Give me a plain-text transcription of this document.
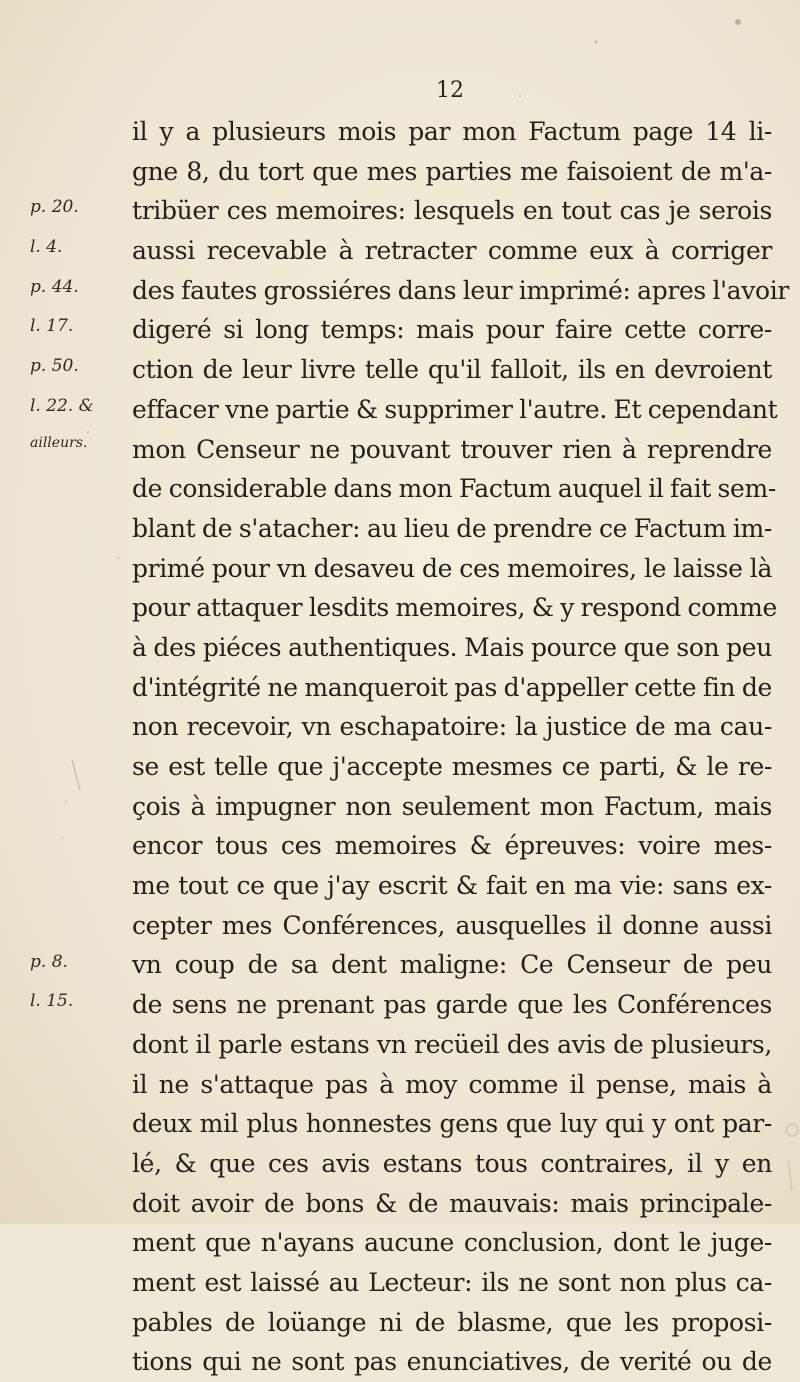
12
p. 20.
l. 4.
p. 44.
l. 17.
p. 50.
l. 22. &
ailleurs.
p. 8.
l. 15.
il y a plusieurs mois par mon Factum page 14 li-
gne 8, du tort que mes parties me faisoient de m'a-
tribüer ces memoires: lesquels en tout cas je serois
aussi recevable à retracter comme eux à corriger
des fautes grossiéres dans leur imprimé: apres l'avoir
digeré si long temps: mais pour faire cette corre-
ction de leur livre telle qu'il falloit, ils en devroient
effacer vne partie & supprimer l'autre. Et cependant
mon Censeur ne pouvant trouver rien à reprendre
de considerable dans mon Factum auquel il fait sem-
blant de s'atacher: au lieu de prendre ce Factum im-
primé pour vn desaveu de ces memoires, le laisse là
pour attaquer lesdits memoires, & y respond comme
à des piéces authentiques. Mais pource que son peu
d'intégrité ne manqueroit pas d'appeller cette fin de
non recevoir, vn eschapatoire: la justice de ma cau-
se est telle que j'accepte mesmes ce parti, & le re-
çois à impugner non seulement mon Factum, mais
encor tous ces memoires & épreuves: voire mes-
me tout ce que j'ay escrit & fait en ma vie: sans ex-
cepter mes Conférences, ausquelles il donne aussi
vn coup de sa dent maligne: Ce Censeur de peu
de sens ne prenant pas garde que les Conférences
dont il parle estans vn recüeil des avis de plusieurs,
il ne s'attaque pas à moy comme il pense, mais à
deux mil plus honnestes gens que luy qui y ont par-
lé, & que ces avis estans tous contraires, il y en
doit avoir de bons & de mauvais: mais principale-
ment que n'ayans aucune conclusion, dont le juge-
ment est laissé au Lecteur: ils ne sont non plus ca-
pables de loüange ni de blasme, que les proposi-
tions qui ne sont pas enunciatives, de verité ou de
